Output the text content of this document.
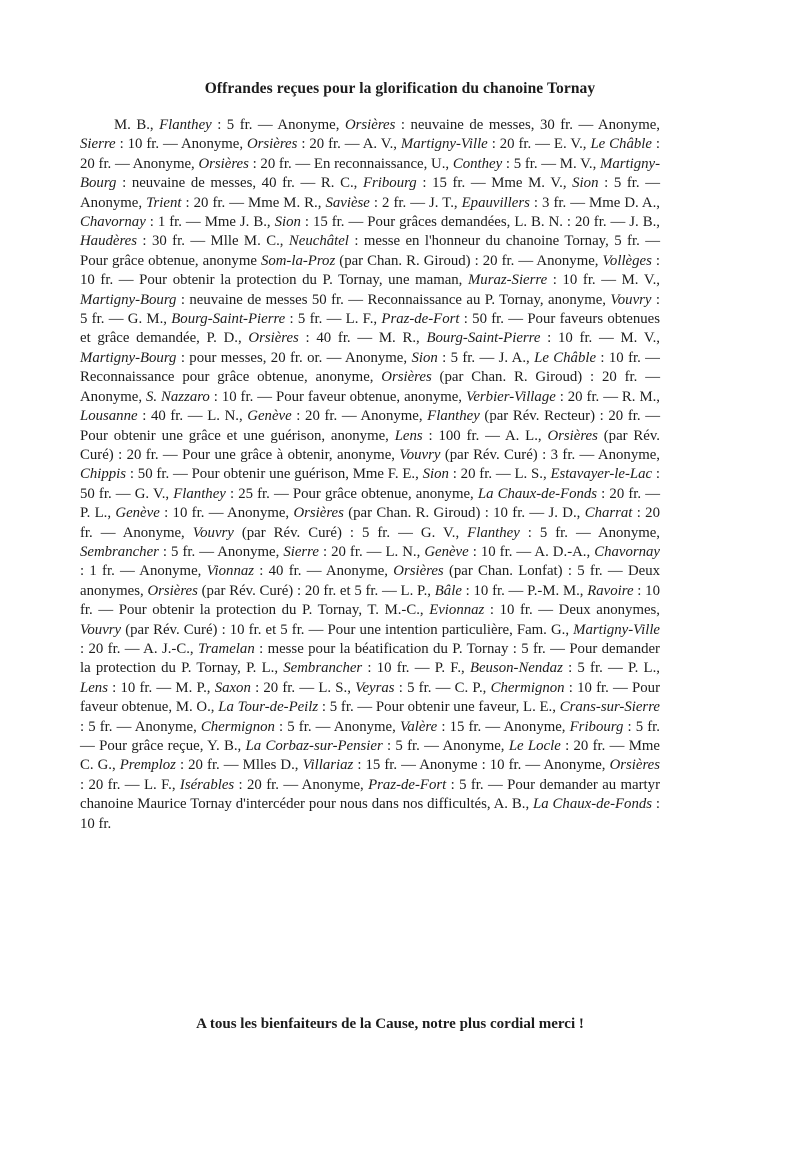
Offrandes reçues pour la glorification du chanoine Tornay

M. B., Flanthey : 5 fr. — Anonyme, Orsières : neuvaine de messes, 30 fr. — Anonyme, Sierre : 10 fr. — Anonyme, Orsières : 20 fr. — A. V., Martigny-Ville : 20 fr. — E. V., Le Châble : 20 fr. — Anonyme, Orsières : 20 fr. — En reconnaissance, U., Conthey : 5 fr. — M. V., Martigny-Bourg : neuvaine de messes, 40 fr. — R. C., Fribourg : 15 fr. — Mme M. V., Sion : 5 fr. — Anonyme, Trient : 20 fr. — Mme M. R., Savièse : 2 fr. — J. T., Epauvillers : 3 fr. — Mme D. A., Chavornay : 1 fr. — Mme J. B., Sion : 15 fr. — Pour grâces demandées, L. B. N. : 20 fr. — J. B., Haudères : 30 fr. — Mlle M. C., Neuchâtel : messe en l'honneur du chanoine Tornay, 5 fr. — Pour grâce obtenue, anonyme Som-la-Proz (par Chan. R. Giroud) : 20 fr. — Anonyme, Vollèges : 10 fr. — Pour obtenir la protection du P. Tornay, une maman, Muraz-Sierre : 10 fr. — M. V., Martigny-Bourg : neuvaine de messes 50 fr. — Reconnaissance au P. Tornay, anonyme, Vouvry : 5 fr. — G. M., Bourg-Saint-Pierre : 5 fr. — L. F., Praz-de-Fort : 50 fr. — Pour faveurs obtenues et grâce demandée, P. D., Orsières : 40 fr. — M. R., Bourg-Saint-Pierre : 10 fr. — M. V., Martigny-Bourg : pour messes, 20 fr. or. — Anonyme, Sion : 5 fr. — J. A., Le Châble : 10 fr. — Reconnaissance pour grâce obtenue, anonyme, Orsières (par Chan. R. Giroud) : 20 fr. — Anonyme, S. Nazzaro : 10 fr. — Pour faveur obtenue, anonyme, Verbier-Village : 20 fr. — R. M., Lousanne : 40 fr. — L. N., Genève : 20 fr. — Anonyme, Flanthey (par Rév. Recteur) : 20 fr. — Pour obtenir une grâce et une guérison, anonyme, Lens : 100 fr. — A. L., Orsières (par Rév. Curé) : 20 fr. — Pour une grâce à obtenir, anonyme, Vouvry (par Rév. Curé) : 3 fr. — Anonyme, Chippis : 50 fr. — Pour obtenir une guérison, Mme F. E., Sion : 20 fr. — L. S., Estavayer-le-Lac : 50 fr. — G. V., Flanthey : 25 fr. — Pour grâce obtenue, anonyme, La Chaux-de-Fonds : 20 fr. — P. L., Genève : 10 fr. — Anonyme, Orsières (par Chan. R. Giroud) : 10 fr. — J. D., Charrat : 20 fr. — Anonyme, Vouvry (par Rév. Curé) : 5 fr. — G. V., Flanthey : 5 fr. — Anonyme, Sembrancher : 5 fr. — Anonyme, Sierre : 20 fr. — L. N., Genève : 10 fr. — A. D.-A., Chavornay : 1 fr. — Anonyme, Vionnaz : 40 fr. — Anonyme, Orsières (par Chan. Lonfat) : 5 fr. — Deux anonymes, Orsières (par Rév. Curé) : 20 fr. et 5 fr. — L. P., Bâle : 10 fr. — P.-M. M., Ravoire : 10 fr. — Pour obtenir la protection du P. Tornay, T. M.-C., Evionnaz : 10 fr. — Deux anonymes, Vouvry (par Rév. Curé) : 10 fr. et 5 fr. — Pour une intention particulière, Fam. G., Martigny-Ville : 20 fr. — A. J.-C., Tramelan : messe pour la béatification du P. Tornay : 5 fr. — Pour demander la protection du P. Tornay, P. L., Sembrancher : 10 fr. — P. F., Beuson-Nendaz : 5 fr. — P. L., Lens : 10 fr. — M. P., Saxon : 20 fr. — L. S., Veyras : 5 fr. — C. P., Chermignon : 10 fr. — Pour faveur obtenue, M. O., La Tour-de-Peilz : 5 fr. — Pour obtenir une faveur, L. E., Crans-sur-Sierre : 5 fr. — Anonyme, Chermignon : 5 fr. — Anonyme, Valère : 15 fr. — Anonyme, Fribourg : 5 fr. — Pour grâce reçue, Y. B., La Corbaz-sur-Pensier : 5 fr. — Anonyme, Le Locle : 20 fr. — Mme C. G., Premploz : 20 fr. — Mlles D., Villariaz : 15 fr. — Anonyme : 10 fr. — Anonyme, Orsières : 20 fr. — L. F., Isérables : 20 fr. — Anonyme, Praz-de-Fort : 5 fr. — Pour demander au martyr chanoine Maurice Tornay d'intercéder pour nous dans nos difficultés, A. B., La Chaux-de-Fonds : 10 fr.

A tous les bienfaiteurs de la Cause, notre plus cordial merci !
